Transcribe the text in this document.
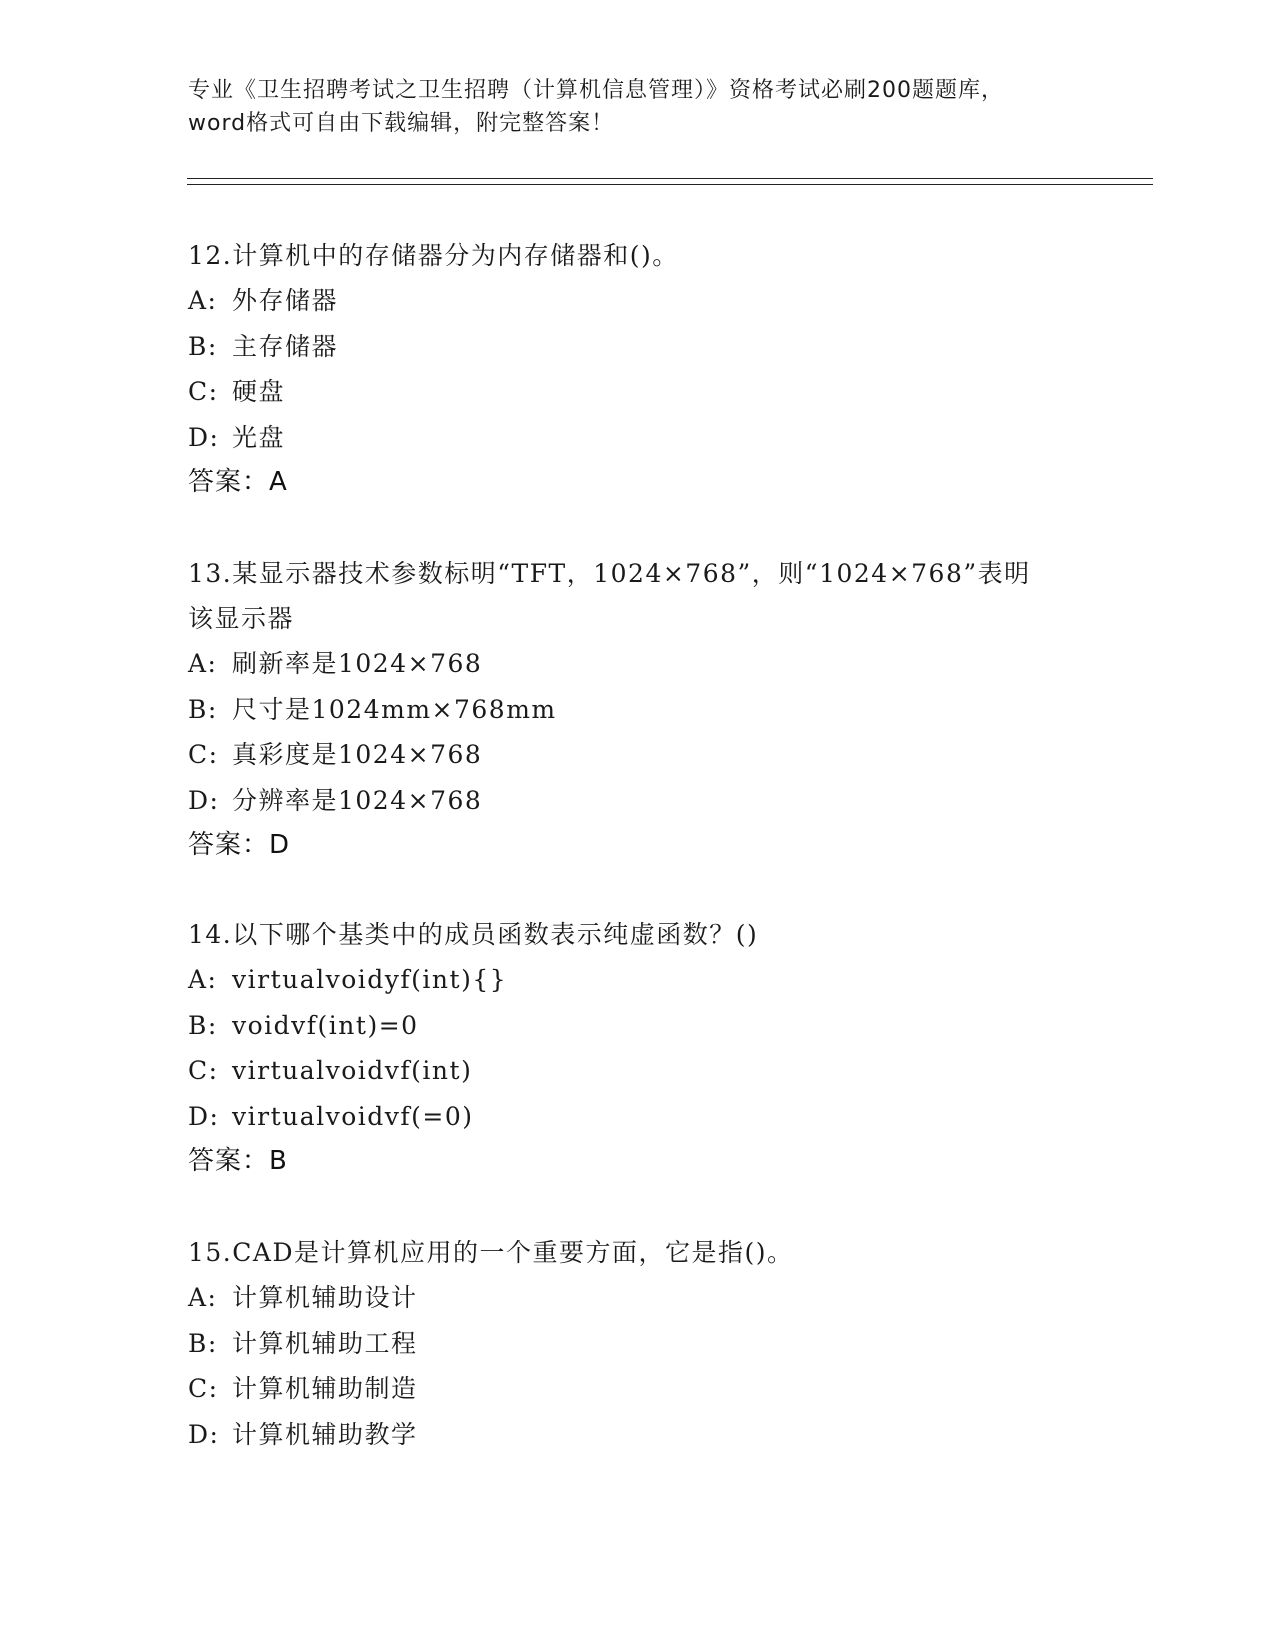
专业《卫生招聘考试之卫生招聘（计算机信息管理）》资格考试必刷200题题库，
word格式可自由下载编辑，附完整答案！
12.计算机中的存储器分为内存储器和()。
A: 外存储器
B: 主存储器
C: 硬盘
D: 光盘
答案：A
13.某显示器技术参数标明“TFT，1024×768”，则“1024×768”表明该显示器
A: 刷新率是1024×768
B: 尺寸是1024mm×768mm
C: 真彩度是1024×768
D: 分辨率是1024×768
答案：D
14.以下哪个基类中的成员函数表示纯虚函数？()
A: virtualvoidyf(int){}
B: voidvf(int)=0
C: virtualvoidvf(int)
D: virtualvoidvf(=0)
答案：B
15.CAD是计算机应用的一个重要方面，它是指()。
A: 计算机辅助设计
B: 计算机辅助工程
C: 计算机辅助制造
D: 计算机辅助教学
